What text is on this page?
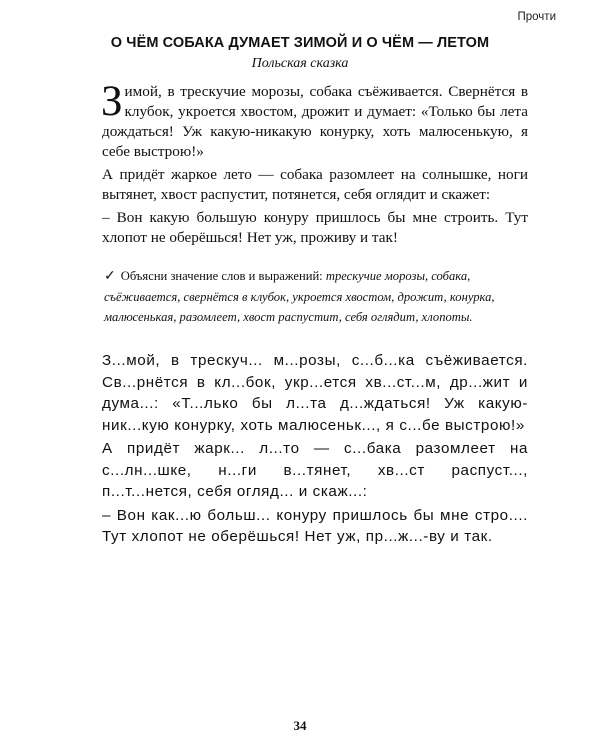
Прочти
О ЧЁМ СОБАКА ДУМАЕТ ЗИМОЙ И О ЧЁМ — ЛЕТОМ
Польская сказка

Зимой, в трескучие морозы, собака съёживается. Свернётся в клубок, укроется хвостом, дрожит и думает: «Только бы лета дождаться! Уж какую-никакую конурку, хоть малюсенькую, я себе выстрою!»

А придёт жаркое лето — собака разомлеет на солнышке, ноги вытянет, хвост распустит, потянется, себя оглядит и скажет:

– Вон какую большую конуру пришлось бы мне строить. Тут хлопот не оберёшься! Нет уж, проживу и так!

✓ Объясни значение слов и выражений: трескучие морозы, собака, съёживается, свернётся в клубок, укроется хвостом, дрожит, конурка, малюсенькая, разомлеет, хвост распустит, себя оглядит, хлопоты.

З...мой, в трескуч... м...розы, с...б...ка съёживается. Св...рнётся в кл...бок, укр...ется хв...ст...м, др...жит и дума...: «Т...лько бы л...та д...ждаться! Уж какую-ник...кую конурку, хоть малюсеньк..., я с...бе выстрою!»

А придёт жарк... л...то — с...бака разомлеет на с...лн...шке, н...ги в...тянет, хв...ст распуст..., п...т...нется, себя огляд... и скаж...:

– Вон как...ю больш... конуру пришлось бы мне стро.... Тут хлопот не оберёшься! Нет уж, пр...ж...-ву и так.

34
